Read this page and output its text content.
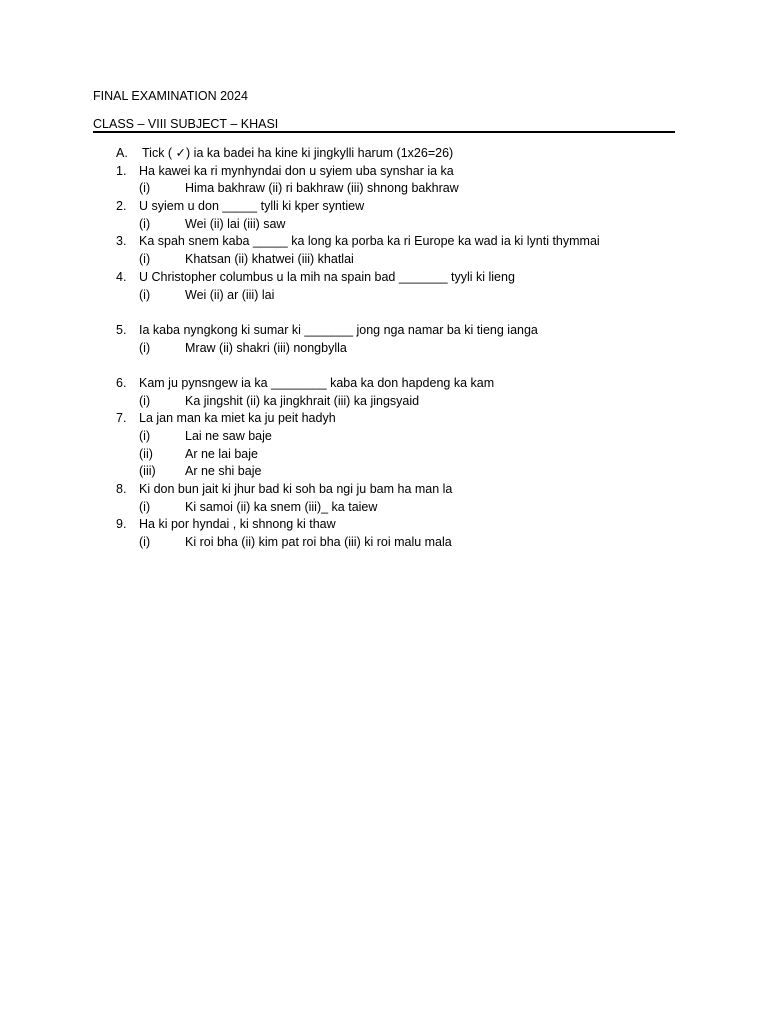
FINAL EXAMINATION 2024
CLASS – VIII SUBJECT – KHASI
A. Tick ( ✓) ia ka badei ha kine ki jingkylli harum (1x26=26)
1. Ha kawei ka ri mynhyndai don u syiem uba synshar ia ka
(i)	Hima bakhraw (ii) ri bakhraw (iii) shnong bakhraw
2. U syiem u don _____ tylli ki kper syntiew
(i)	Wei (ii) lai (iii) saw
3. Ka spah snem kaba _____ ka long ka porba ka ri Europe ka wad ia ki lynti thymmai
(i)	Khatsan (ii) khatwei (iii) khatlai
4. U Christopher columbus u la mih na spain bad _______ tyyli ki lieng
(i)	Wei (ii) ar (iii) lai
5. Ia kaba nyngkong ki sumar ki _______ jong nga namar ba ki tieng ianga
(i)	Mraw (ii) shakri (iii) nongbylla
6. Kam ju pynsngew ia ka ________ kaba ka don hapdeng ka kam
(i)	Ka jingshit (ii) ka jingkhrait (iii) ka jingsyaid
7. La jan man ka miet ka ju peit hadyh
(i)	Lai ne saw baje
(ii)	Ar ne lai baje
(iii) Ar ne shi baje
8. Ki don bun jait ki jhur bad ki soh ba ngi ju bam ha man la
(i)	Ki samoi (ii) ka snem (iii)_ ka taiew
9. Ha ki por hyndai , ki shnong ki thaw
(i)	Ki roi bha (ii) kim pat roi bha (iii) ki roi malu mala
